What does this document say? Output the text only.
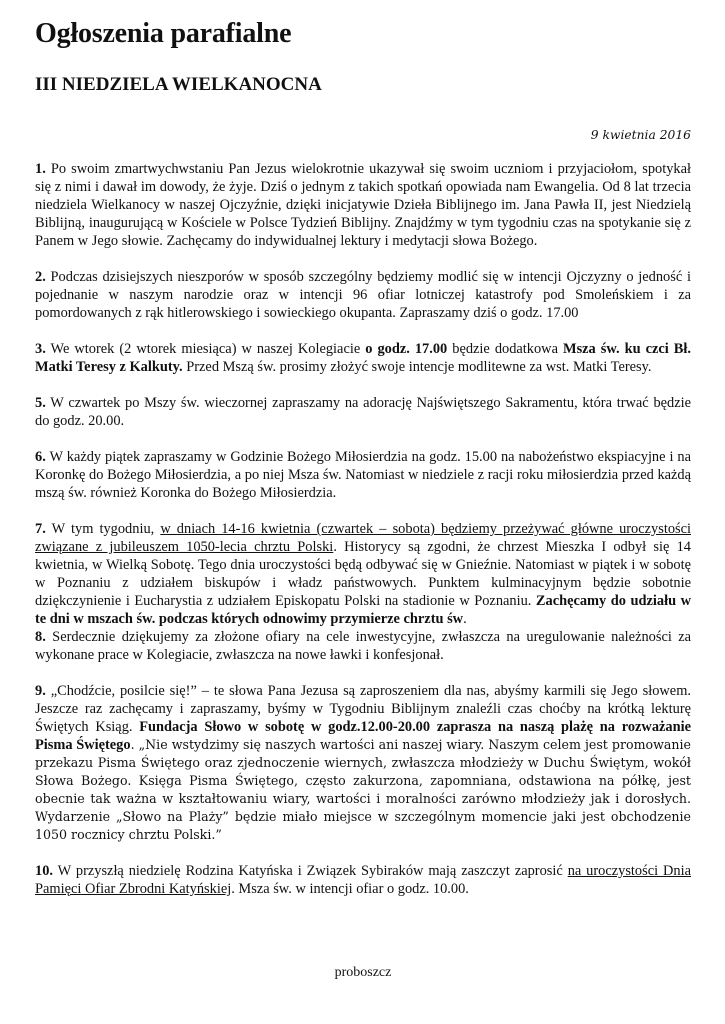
Ogłoszenia parafialne
III NIEDZIELA WIELKANOCNA
9 kwietnia 2016

1. Po swoim zmartwychwstaniu Pan Jezus wielokrotnie ukazywał się swoim uczniom i przyjaciołom, spotykał się z nimi i dawał im dowody, że żyje. Dziś o jednym z takich spotkań opowiada nam Ewangelia. Od 8 lat trzecia niedziela Wielkanocy w naszej Ojczyźnie, dzięki inicjatywie Dzieła Biblijnego im. Jana Pawła II, jest Niedzielą Biblijną, inaugurującą w Kościele w Polsce Tydzień Biblijny. Znajdźmy w tym tygodniu czas na spotykanie się z Panem w Jego słowie. Zachęcamy do indywidualnej lektury i medytacji słowa Bożego.

2. Podczas dzisiejszych nieszporów w sposób szczególny będziemy modlić się w intencji Ojczyzny o jedność i pojednanie w naszym narodzie oraz w intencji 96 ofiar lotniczej katastrofy pod Smoleńskiem i za pomordowanych z rąk hitlerowskiego i sowieckiego okupanta. Zapraszamy dziś o godz. 17.00

3. We wtorek (2 wtorek miesiąca) w naszej Kolegiacie o godz. 17.00 będzie dodatkowa Msza św. ku czci Bł. Matki Teresy z Kalkuty. Przed Mszą św. prosimy złożyć swoje intencje modlitewne za wst. Matki Teresy.

5. W czwartek po Mszy św. wieczornej zapraszamy na adorację Najświętszego Sakramentu, która trwać będzie do godz. 20.00.

6. W każdy piątek zapraszamy w Godzinie Bożego Miłosierdzia na godz. 15.00 na nabożeństwo ekspiacyjne i na Koronkę do Bożego Miłosierdzia, a po niej Msza św. Natomiast w niedziele z racji roku miłosierdzia przed każdą mszą św. również Koronka do Bożego Miłosierdzia.

7. W tym tygodniu, w dniach 14-16 kwietnia (czwartek – sobota) będziemy przeżywać główne uroczystości związane z jubileuszem 1050-lecia chrztu Polski. Historycy są zgodni, że chrzest Mieszka I odbył się 14 kwietnia, w Wielką Sobotę. Tego dnia uroczystości będą odbywać się w Gnieźnie. Natomiast w piątek i w sobotę w Poznaniu z udziałem biskupów i władz państwowych. Punktem kulminacyjnym będzie sobotnie dziękczynienie i Eucharystia z udziałem Episkopatu Polski na stadionie w Poznaniu. Zachęcamy do udziału w te dni w mszach św. podczas których odnowimy przymierze chrztu św.

8. Serdecznie dziękujemy za złożone ofiary na cele inwestycyjne, zwłaszcza na uregulowanie należności za wykonane prace w Kolegiacie, zwłaszcza na nowe ławki i konfesjonał.

9. „Chodźcie, posilcie się!” – te słowa Pana Jezusa są zaproszeniem dla nas, abyśmy karmili się Jego słowem. Jeszcze raz zachęcamy i zapraszamy, byśmy w Tygodniu Biblijnym znaleźli czas choćby na krótką lekturę Świętych Ksiąg. Fundacja Słowo w sobotę w godz.12.00-20.00 zaprasza na naszą plażę na rozważanie Pisma Świętego. „Nie wstydzimy się naszych wartości ani naszej wiary. Naszym celem jest promowanie przekazu Pisma Świętego oraz zjednoczenie wiernych, zwłaszcza młodzieży w Duchu Świętym, wokół Słowa Bożego. Księga Pisma Świętego, często zakurzona, zapomniana, odstawiona na półkę, jest obecnie tak ważna w kształtowaniu wiary, wartości i moralności zarówno młodzieży jak i dorosłych. Wydarzenie „Słowo na Plaży” będzie miało miejsce w szczególnym momencie jaki jest obchodzenie 1050 rocznicy chrztu Polski.”

10. W przyszłą niedzielę Rodzina Katyńska i Związek Sybiraków mają zaszczyt zaprosić na uroczystości Dnia Pamięci Ofiar Zbrodni Katyńskiej. Msza św. w intencji ofiar o godz. 10.00.

proboszcz
